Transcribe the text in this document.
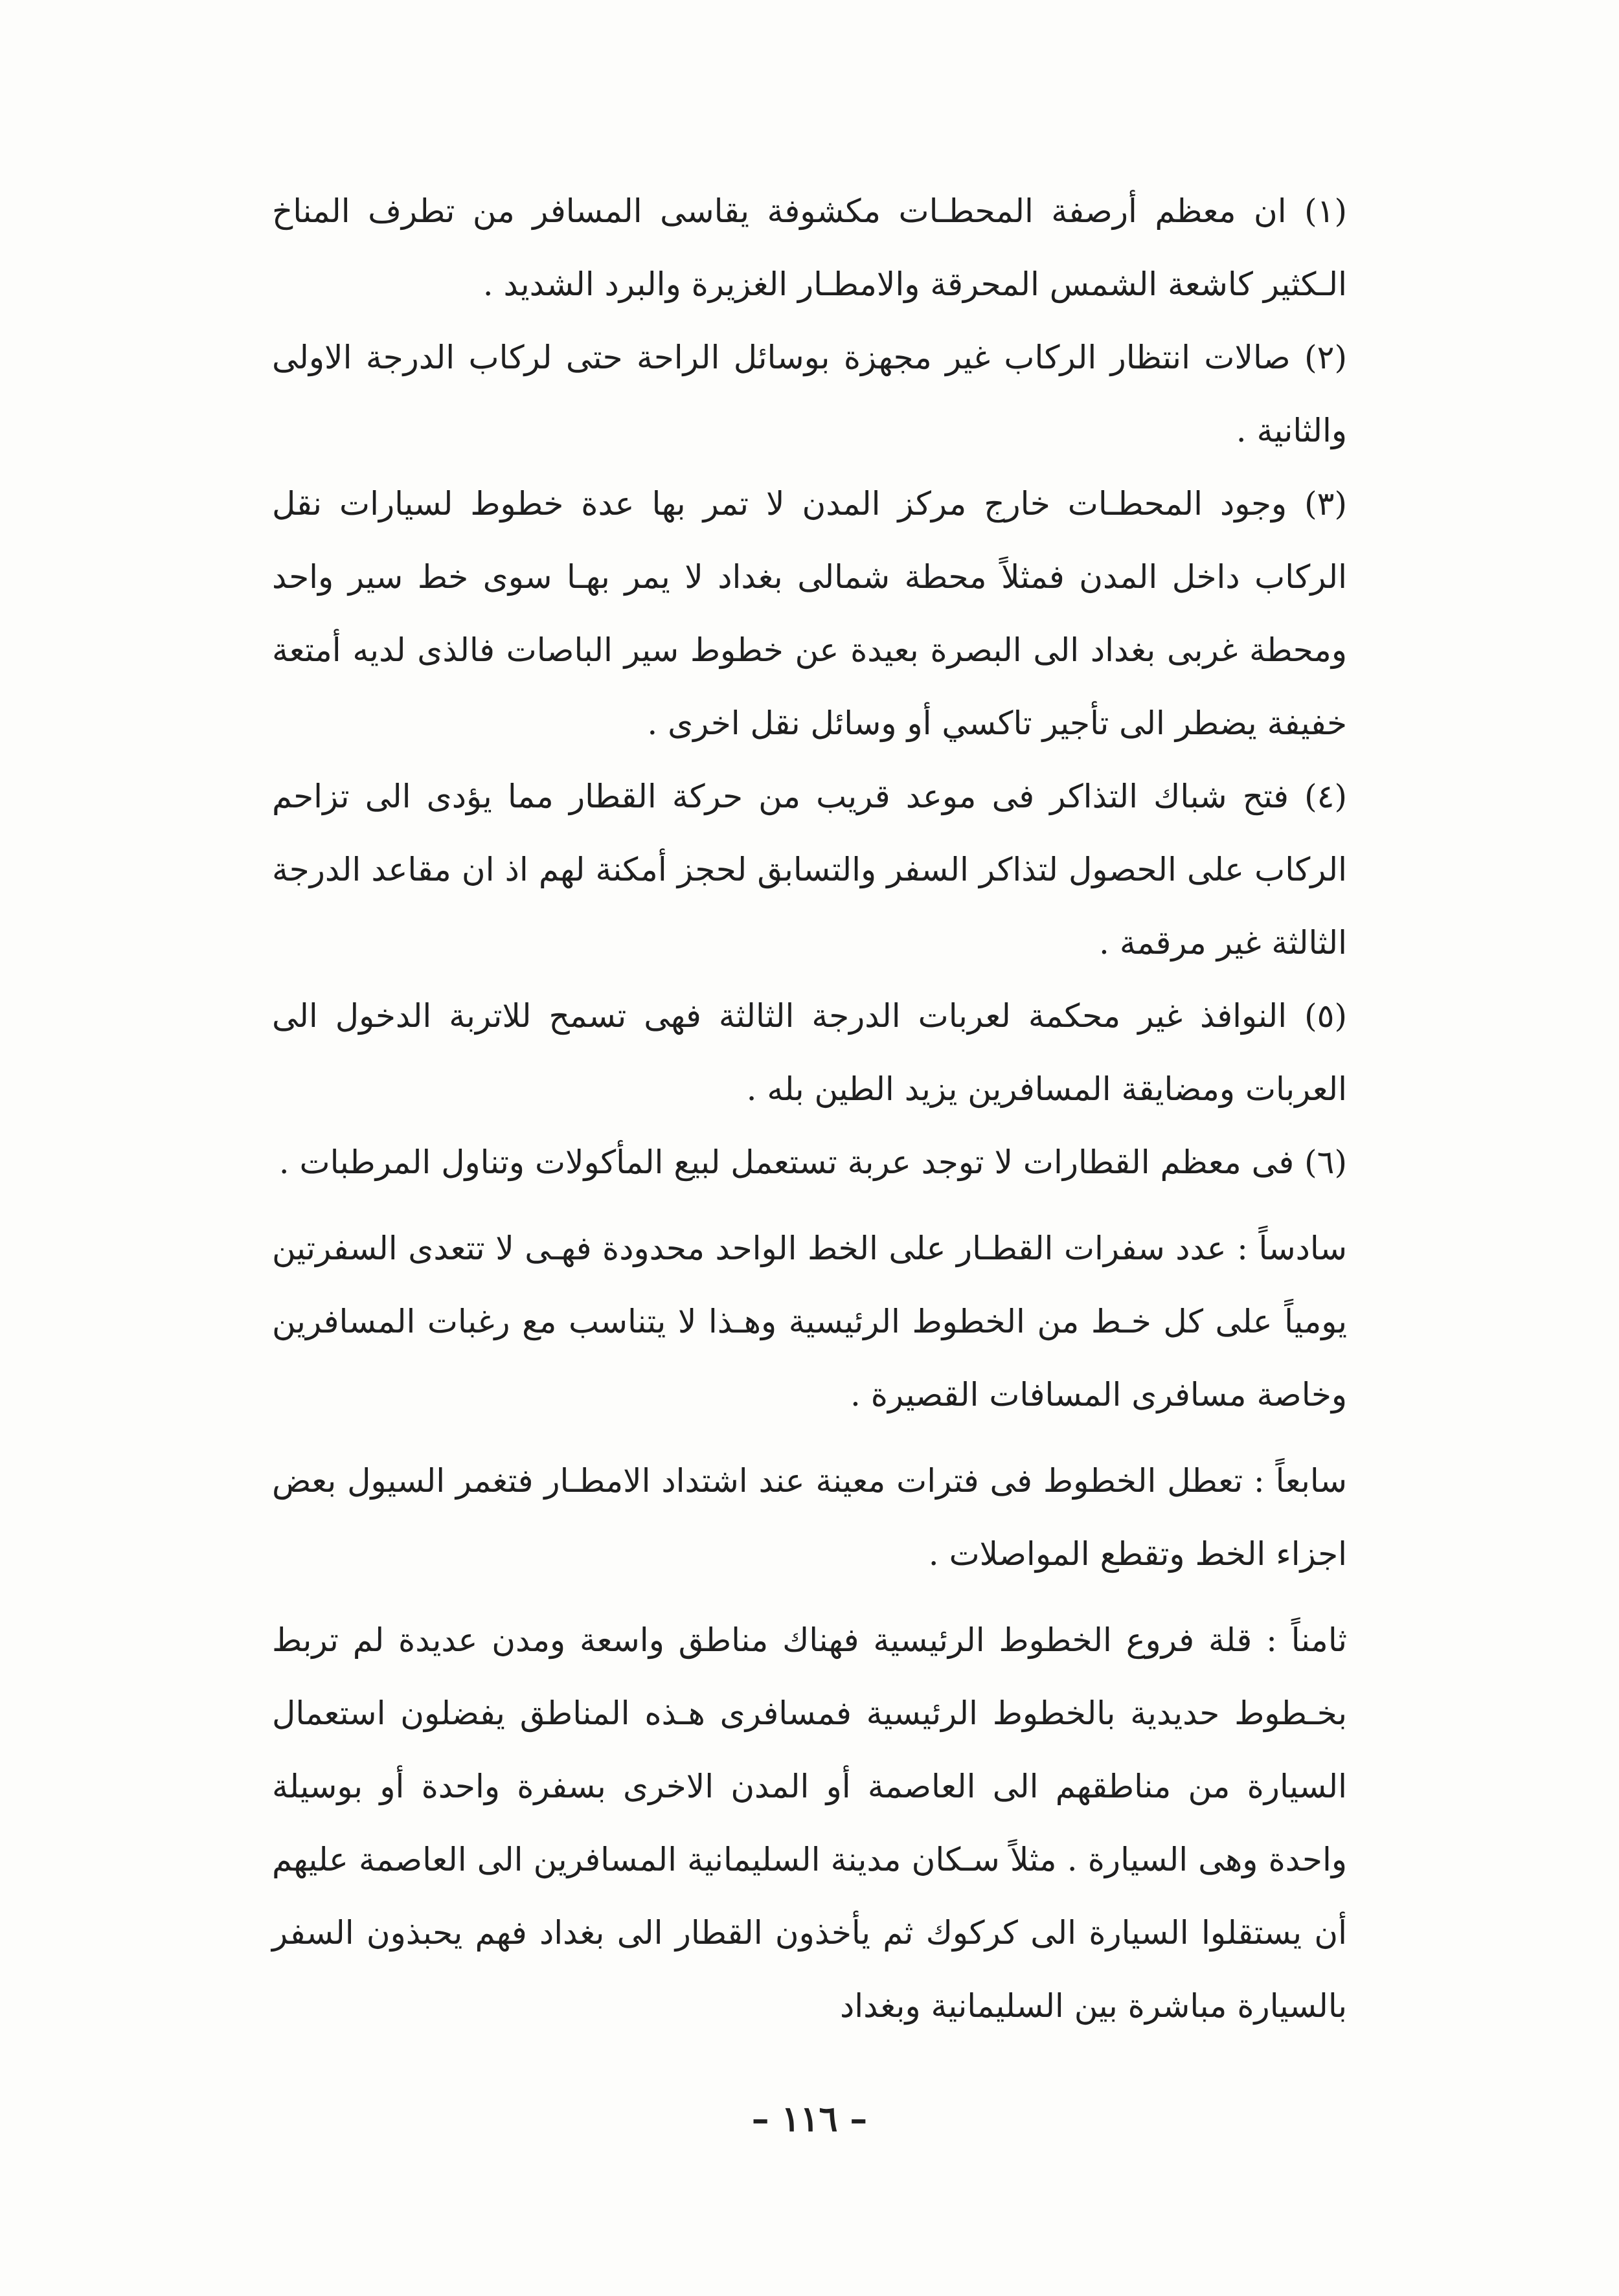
(١) ان معظم أرصفة المحطـات مكشوفة يقاسى المسافر من تطرف المناخ الـكثير كاشعة الشمس المحرقة والامطـار الغزيرة والبرد الشديد .

(٢) صالات انتظار الركاب غير مجهزة بوسائل الراحة حتى لركاب الدرجة الاولى والثانية .

(٣) وجود المحطـات خارج مركز المدن لا تمر بها عدة خطوط لسيارات نقل الركاب داخل المدن فمثلاً محطة شمالى بغداد لا يمر بهـا سوى خط سير واحد ومحطة غربى بغداد الى البصرة بعيدة عن خطوط سير الباصات فالذى لديه أمتعة خفيفة يضطر الى تأجير تاكسي أو وسائل نقل اخرى .

(٤) فتح شباك التذاكر فى موعد قريب من حركة القطار مما يؤدى الى تزاحم الركاب على الحصول لتذاكر السفر والتسابق لحجز أمكنة لهم اذ ان مقاعد الدرجة الثالثة غير مرقمة .

(٥) النوافذ غير محكمة لعربات الدرجة الثالثة فهى تسمح للاتربة الدخول الى العربات ومضايقة المسافرين يزيد الطين بله .

(٦) فى معظم القطارات لا توجد عربة تستعمل لبيع المأكولات وتناول المرطبات .

سادساً : عدد سفرات القطـار على الخط الواحد محدودة فهـى لا تتعدى السفرتين يومياً على كل خـط من الخطوط الرئيسية وهـذا لا يتناسب مع رغبات المسافرين وخاصة مسافرى المسافات القصيرة .

سابعاً : تعطل الخطوط فى فترات معينة عند اشتداد الامطـار فتغمر السيول بعض اجزاء الخط وتقطع المواصلات .

ثامناً : قلة فروع الخطوط الرئيسية فهناك مناطق واسعة ومدن عديدة لم تربط بخـطوط حديدية بالخطوط الرئيسية فمسافرى هـذه المناطق يفضلون استعمال السيارة من مناطقهم الى العاصمة أو المدن الاخرى بسفرة واحدة أو بوسيلة واحدة وهى السيارة . مثلاً سـكان مدينة السليمانية المسافرين الى العاصمة عليهم أن يستقلوا السيارة الى كركوك ثم يأخذون القطار الى بغداد فهم يحبذون السفر بالسيارة مباشرة بين السليمانية وبغداد

– ١١٦ –
